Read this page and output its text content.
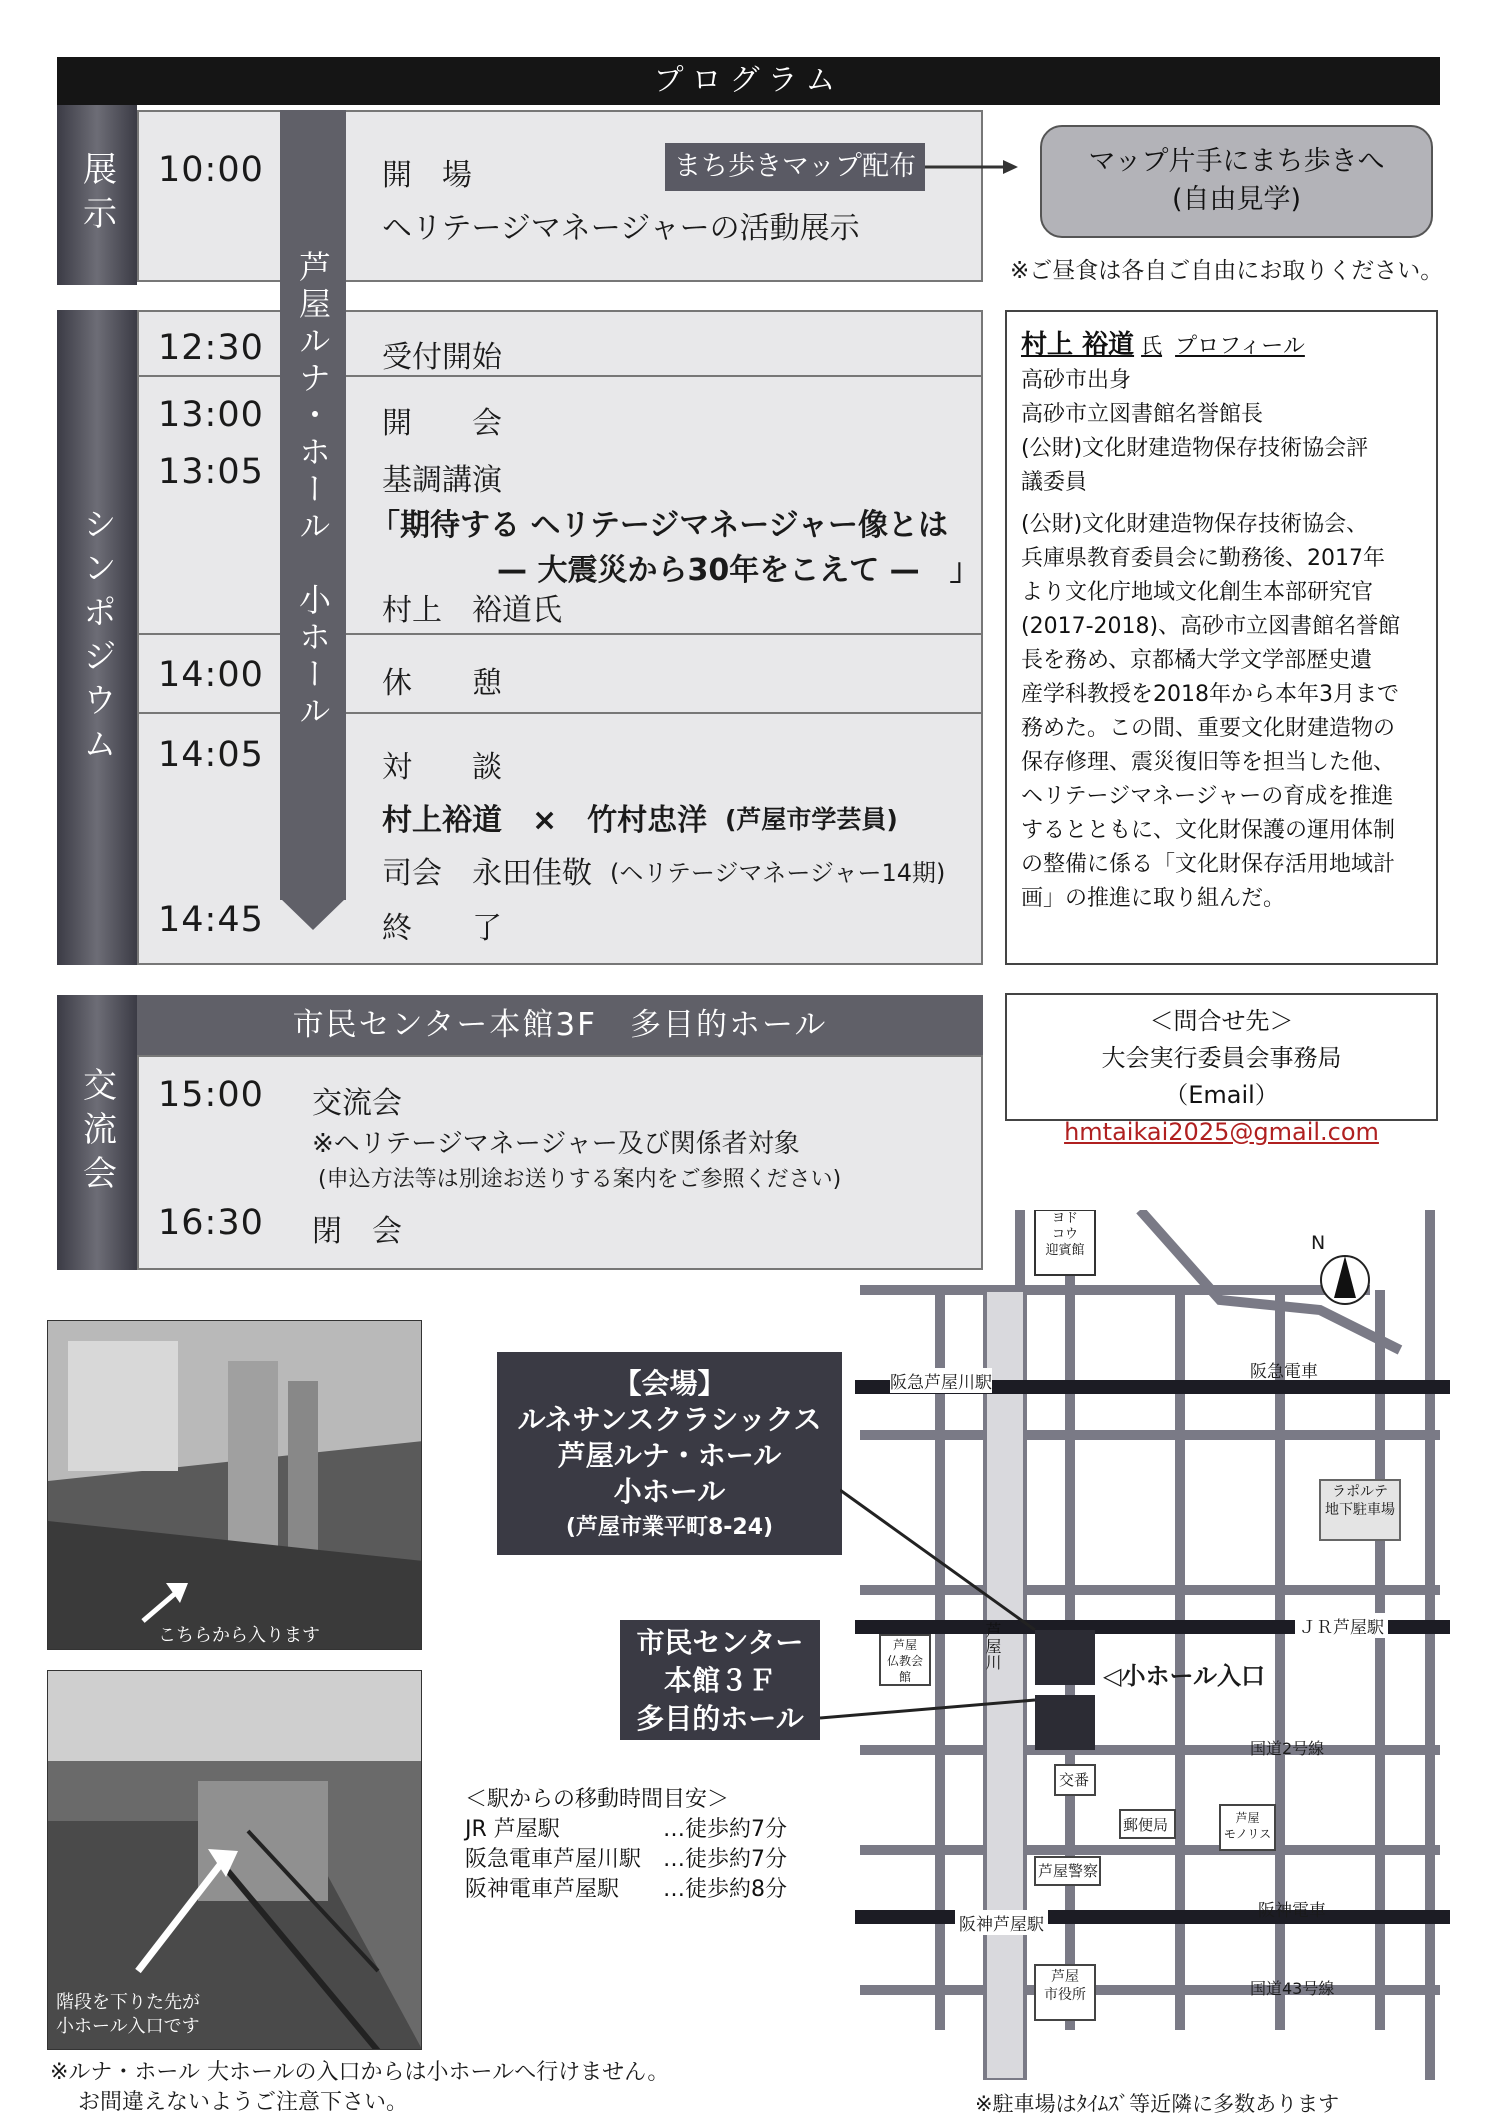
プログラム
展示	10:00	開　場
ヘリテージマネージャーの活動展示
まち歩きマップ配布	マップ片手にまち歩きへ
(自由見学)
※ご昼食は各自ご自由にお取りください。
シンポジウム
12:30	受付開始
13:00	開　　会
13:05	基調講演
「期待する ヘリテージマネージャー像とは
— 大震災から30年をこえて —　」
村上　裕道氏
14:00	休　　憩
14:05	対　　談
村上裕道　×　竹村忠洋 (芦屋市学芸員)
司会　永田佳敬 (ヘリテージマネージャー14期)
14:45	終　　了
芦屋ルナ・ホール　小ホール	村上 裕道 氏 プロフィール
高砂市出身
高砂市立図書館名誉館長
(公財)文化財建造物保存技術協会評
議委員
(公財)文化財建造物保存技術協会、
兵庫県教育委員会に勤務後、2017年
より文化庁地域文化創生本部研究官
(2017-2018)、高砂市立図書館名誉館
長を務め、京都橘大学文学部歴史遺
産学科教授を2018年から本年3月まで
務めた。この間、重要文化財建造物の
保存修理、震災復旧等を担当した他、
ヘリテージマネージャーの育成を推進
するとともに、文化財保護の運用体制
の整備に係る「文化財保存活用地域計
画」の推進に取り組んだ。
＜問合せ先＞
大会実行委員会事務局
（Email） hmtaikai2025@gmail.com
交流会
市民センター本館3F　多目的ホール
15:00 交流会
※ヘリテージマネージャー及び関係者対象
(申込方法等は別途お送りする案内をご参照ください)
16:30 閉　会
こちらから入ります
階段を下りた先が
小ホール入口です
※ルナ・ホール 大ホールの入口からは小ホールへ行けません。
お間違えないようご注意下さい。
N
ヨド
コウ
迎賓館
阪急芦屋川駅
阪急電車
ラポルテ
地下駐車場
ＪＲ芦屋駅
芦屋
仏教会館
芦屋川
◁小ホール入口
国道2号線
交番
郵便局	芦屋
モノリス
芦屋警察
阪神芦屋駅
阪神電車
芦屋
市役所	国道43号線
※駐車場はﾀｲﾑｽﾞ等近隣に多数あります
【会場】
ルネサンスクラシックス
芦屋ルナ・ホール
小ホール
(芦屋市業平町8-24)
市民センター
本館３Ｆ
多目的ホール
＜駅からの移動時間目安＞
JR 芦屋駅	…徒歩約7分
阪急電車芦屋川駅 …徒歩約7分
阪神電車芦屋駅	…徒歩約8分
